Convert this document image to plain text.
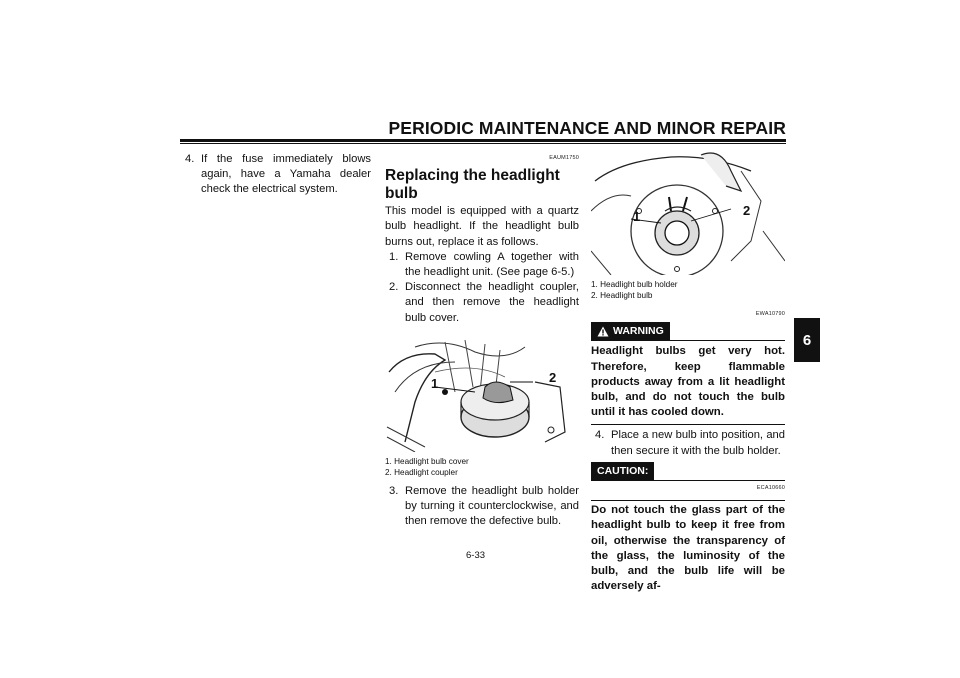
PERIODIC MAINTENANCE AND MINOR REPAIR
6
4. If the fuse immediately blows again, have a Yamaha dealer check the electrical system.
EAUM1750
Replacing the headlight bulb
This model is equipped with a quartz bulb headlight. If the headlight bulb burns out, replace it as follows.
1. Remove cowling A together with the headlight unit. (See page 6-5.)
2. Disconnect the headlight coupler, and then remove the headlight bulb cover.
1	2
1. Headlight bulb cover
2. Headlight coupler
3. Remove the headlight bulb holder by turning it counterclockwise, and then remove the defective bulb.
1	2
1. Headlight bulb holder
2. Headlight bulb
EWA10790
WARNING
Headlight bulbs get very hot. Therefore, keep flammable products away from a lit headlight bulb, and do not touch the bulb until it has cooled down.
4. Place a new bulb into position, and then secure it with the bulb holder.
CAUTION:
ECA10660
Do not touch the glass part of the headlight bulb to keep it free from oil, otherwise the transparency of the glass, the luminosity of the bulb, and the bulb life will be adversely af-
6-33
